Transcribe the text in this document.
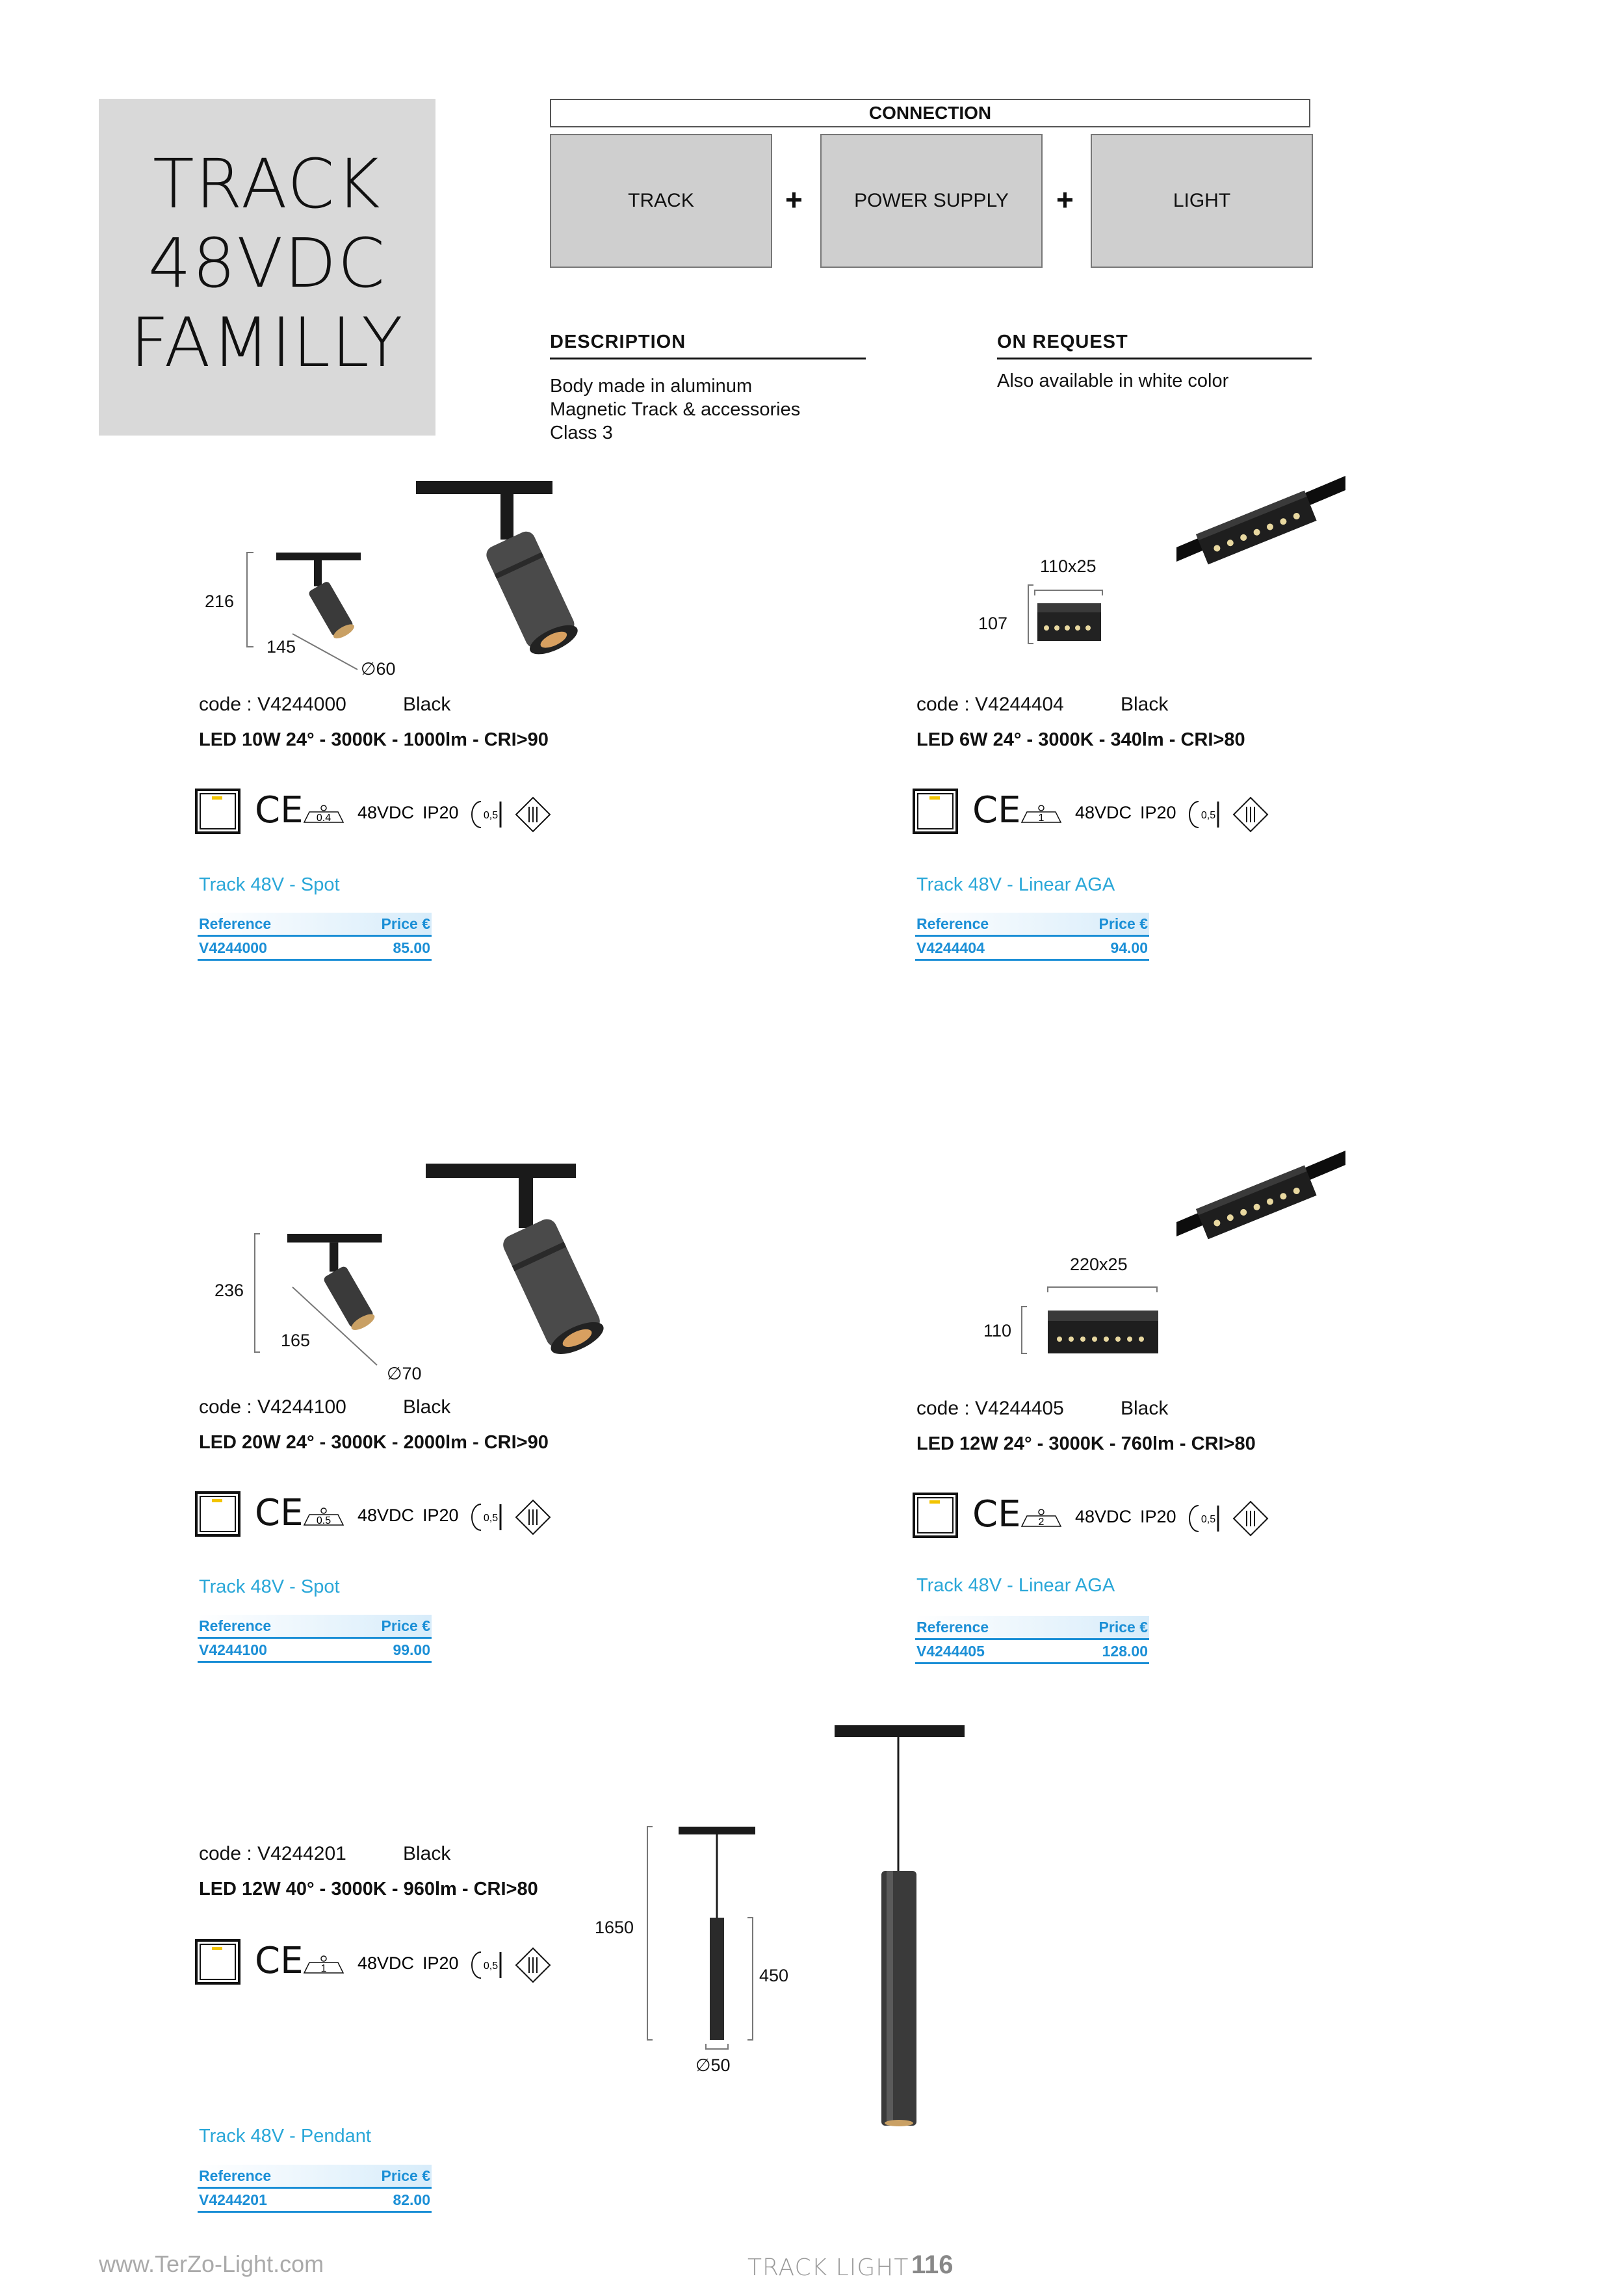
TRACK
48VDC
FAMILLY
CONNECTION
TRACK	+	POWER SUPPLY	+	LIGHT
DESCRIPTION
Body made in aluminum
Magnetic Track & accessories
Class 3
ON REQUEST
Also available in white color
216
145
∅60
code : V4244000	Black
LED 10W 24° - 3000K - 1000lm - CRI>90
CE 0.4 48VDC IP20 0,5
Track 48V - Spot
Reference	Price €
V4244000	85.00
110x25
107
code : V4244404	Black
LED 6W 24° - 3000K - 340lm - CRI>80
CE 1 48VDC IP20 0,5
Track 48V - Linear AGA
Reference	Price €
V4244404	94.00
236
165
∅70
code : V4244100	Black
LED 20W 24° - 3000K - 2000lm - CRI>90
CE 0.5 48VDC IP20 0,5
Track 48V - Spot
Reference	Price €
V4244100	99.00
220x25
110
code : V4244405	Black
LED 12W 24° - 3000K - 760lm - CRI>80
CE 2 48VDC IP20 0,5
Track 48V - Linear AGA
Reference	Price €
V4244405	128.00
code : V4244201	Black
LED 12W 40° - 3000K - 960lm - CRI>80
CE 1 48VDC IP20 0,5
1650
450
∅50
Track 48V - Pendant
Reference	Price €
V4244201	82.00
www.TerZo-Light.com	TRACK LIGHT 116
